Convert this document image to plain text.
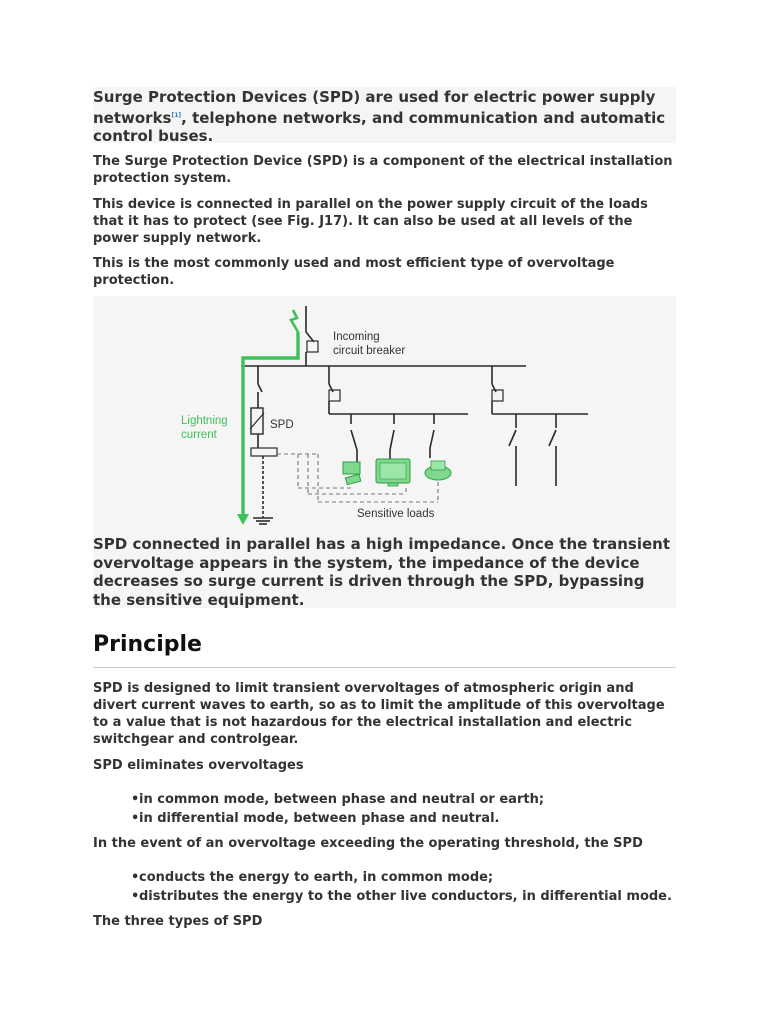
Surge Protection Devices (SPD) are used for electric power supply networks[1], telephone networks, and communication and automatic control buses.

The Surge Protection Device (SPD) is a component of the electrical installation protection system.

This device is connected in parallel on the power supply circuit of the loads that it has to protect (see Fig. J17). It can also be used at all levels of the power supply network.

This is the most commonly used and most efficient type of overvoltage protection.

Incoming
circuit breaker
Lightning
current
SPD
Sensitive loads

SPD connected in parallel has a high impedance. Once the transient overvoltage appears in the system, the impedance of the device decreases so surge current is driven through the SPD, bypassing the sensitive equipment.

Principle

SPD is designed to limit transient overvoltages of atmospheric origin and divert current waves to earth, so as to limit the amplitude of this overvoltage to a value that is not hazardous for the electrical installation and electric switchgear and controlgear.

SPD eliminates overvoltages

• in common mode, between phase and neutral or earth;
• in differential mode, between phase and neutral.

In the event of an overvoltage exceeding the operating threshold, the SPD

• conducts the energy to earth, in common mode;
• distributes the energy to the other live conductors, in differential mode.

The three types of SPD
